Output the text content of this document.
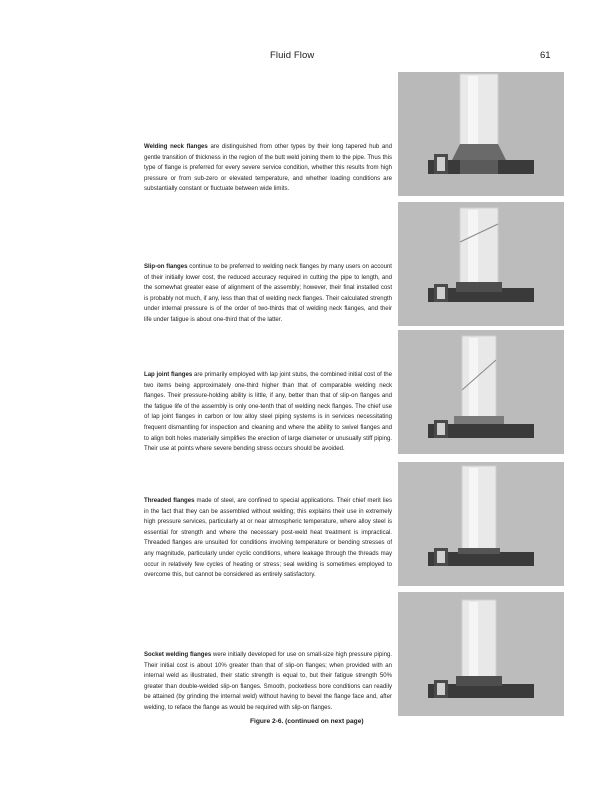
Fluid Flow	61
Welding neck flanges are distinguished from other types by their long tapered hub and gentle transition of thickness in the region of the butt weld joining them to the pipe. Thus this type of flange is preferred for every severe service condition, whether this results from high pressure or from sub-zero or elevated temperature, and whether loading conditions are substantially constant or fluctuate between wide limits.
Slip-on flanges continue to be preferred to welding neck flanges by many users on account of their initially lower cost, the reduced accuracy required in cutting the pipe to length, and the somewhat greater ease of alignment of the assembly; however, their final installed cost is probably not much, if any, less than that of welding neck flanges. Their calculated strength under internal pressure is of the order of two-thirds that of welding neck flanges, and their life under fatigue is about one-third that of the latter.
Lap joint flanges are primarily employed with lap joint stubs, the combined initial cost of the two items being approximately one-third higher than that of comparable welding neck flanges. Their pressure-holding ability is little, if any, better than that of slip-on flanges and the fatigue life of the assembly is only one-tenth that of welding neck flanges. The chief use of lap joint flanges in carbon or low alloy steel piping systems is in services necessitating frequent dismantling for inspection and cleaning and where the ability to swivel flanges and to align bolt holes materially simplifies the erection of large diameter or unusually stiff piping. Their use at points where severe bending stress occurs should be avoided.
Threaded flanges made of steel, are confined to special applications. Their chief merit lies in the fact that they can be assembled without welding; this explains their use in extremely high pressure services, particularly at or near atmospheric temperature, where alloy steel is essential for strength and where the necessary post-weld heat treatment is impractical. Threaded flanges are unsuited for conditions involving temperature or bending stresses of any magnitude, particularly under cyclic conditions, where leakage through the threads may occur in relatively few cycles of heating or stress; seal welding is sometimes employed to overcome this, but cannot be considered as entirely satisfactory.
Socket welding flanges were initially developed for use on small-size high pressure piping. Their initial cost is about 10% greater than that of slip-on flanges; when provided with an internal weld as illustrated, their static strength is equal to, but their fatigue strength 50% greater than double-welded slip-on flanges. Smooth, pocketless bore conditions can readily be attained (by grinding the internal weld) without having to bevel the flange face and, after welding, to reface the flange as would be required with slip-on flanges.
Figure 2-6. (continued on next page)
